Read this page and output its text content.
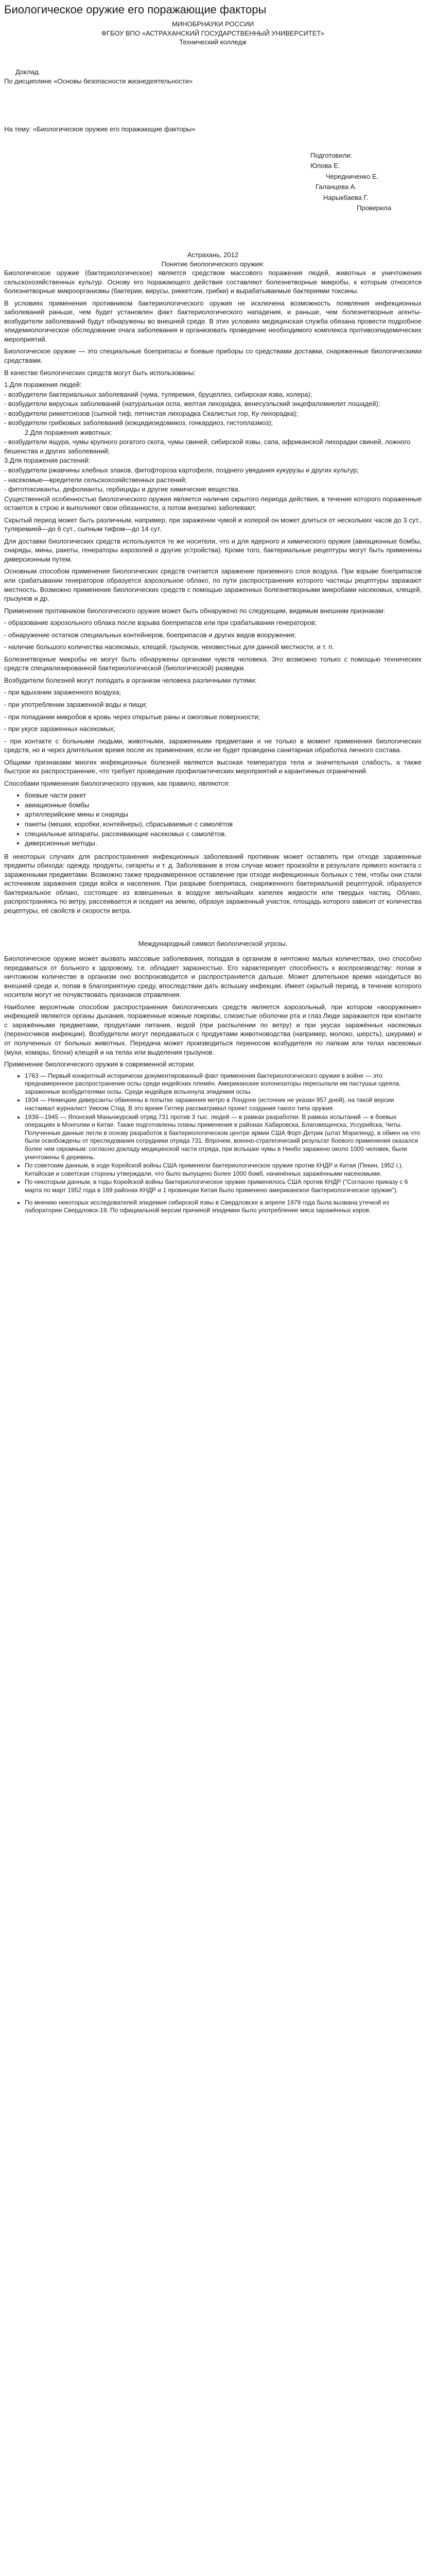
Биологическое оружие его поражающие факторы
МИНОБРНАУКИ РОССИИ
ФГБОУ ВПО «АСТРАХАНСКИЙ ГОСУДАРСТВЕННЫЙ УНИВЕРСИТЕТ»
Технический колледж
Доклад.

По дисциплине «Основы безопасности жизнедеятельности»

На тему: «Биологическое оружие его поражающие факторы»

Подготовили:
Юлова Е.
Чередниченко Е.
Галанцева А.
Нарыкбаева Г.
Проверила
Астрахань, 2012
Понятие биологического оружия:

Биологическое оружие (бактериологическое) является средством массового поражения людей, животных и уничтожения сельскохозяйственных культур. Основу его поражающего действия составляют болезнетворные микробы, к которым относятся болезнетворные микроорганизмы (бактерии, вирусы, риккетсии, грибки) и вырабатываемые бактериями токсины.

В условиях применения противником бактериологического оружия не исключена возможность появления инфекционных заболеваний раньше, чем будет установлен факт бактериологического нападения, и раньше, чем болезнетворные агенты-возбудители заболеваний будут обнаружены во внешней среде. В этих условиях медицинская служба обязана провести подробное эпидемиологическое обследование очага заболевания и организовать проведение необходимого комплекса противоэпидемических мероприятий.

Биологическое оружие — это специальные боеприпасы и боевые приборы со средствами доставки, снаряженные биологическими средствами.

В качестве биологических средств могут быть использованы:

1.Для поражения людей:
- возбудители бактериальных заболеваний (чума, туляремия, бруцеллез, сибирская язва, холера);
- возбудители вирусных заболеваний (натуральная оспа, желтая лихорадка, венесуэльский энцефаломиелит лошадей);
- возбудители риккетсиозов (сыпной тиф, пятнистая лихорадка Скалистых гор, Ку-лихорадка);
- возбудители грибковых заболеваний (кокцидиоидомикоз, гонкардиоз, гистоплазмоз);
2.Для поражения животных:
- возбудители ящура, чумы крупного рогатого скота, чумы свиней, сибирской язвы, сапа, африканской лихорадки свиней, ложного бешенства и других заболеваний;
3.Для поражения растений:
- возбудители ржавчины хлебных злаков, фитофтороза картофеля, позднего увядания кукурузы и других культур;
- насекомые—вредители сельскохозяйственных растений;
- фитотоксиканты, дефолианты, гербициды и другие химические вещества.

Существенной особенностью биологического оружия является наличие скрытого периода действия, в течение которого пораженные остаются в строю и выполняют свои обязанности, а потом внезапно заболевают.

Скрытый период может быть различным, например, при заражении чумой и холерой он может длиться от нескольких часов до 3 сут., туляремией—до 6 сут., сыпным тифом—до 14 сут.

Для доставки биологических средств используются те же носители, что и для ядерного и химического оружия (авиационные бомбы, снаряды, мины, ракеты, генераторы аэрозолей и другие устройства). Кроме того, бактериальные рецептуры могут быть применены диверсионным путем.

Основным способом применения биологических средств считается заражение приземного слоя воздуха. При взрыве боеприпасов или срабатывании генераторов образуется аэрозольное облако, по пути распространения которого частицы рецептуры заражают местность. Возможно применение биологических средств с помощью зараженных болезнетворными микробами насекомых, клещей, грызунов и др.

Применение противником биологического оружия может быть обнаружено по следующим, видимым внешним признакам:

- образование аэрозольного облака после взрыва боеприпасов или при срабатывании генераторов;

- обнаружение остатков специальных контейнеров, боеприпасов и других видов вооружения;

- наличие большого количества насекомых, клещей, грызунов, неизвестных для данной местности, и т. п.

Болезнетворные микробы не могут быть обнаружены органами чувств человека. Это возможно только с помощью технических средств специализированной бактериологической (биологической) разведки.

Возбудители болезней могут попадать в организм человека различными путями:

- при вдыхании зараженного воздуха;

- при употреблении зараженной воды и пищи;

- при попадании микробов в кровь через открытые раны и ожоговые поверхности;

- при укусе зараженных насекомых;

- при контакте с больными людьми, животными, зараженными предметами и не только в момент применения биологических средств, но и через длительное время после их применения, если не будет проведена санитарная обработка личного состава.

Общими признаками многих инфекционных болезней являются высокая температура тела и значительная слабость, а также быстрое их распространение, что требует проведения профилактических мероприятий и карантинных ограничений.

Способами применения биологического оружия, как правило, являются:

• боевые части ракет
• авиационные бомбы
• артиллерийские мины и снаряды
• пакеты (мешки, коробки, контейнеры), сбрасываемые с самолётов
• специальные аппараты, рассеивающие насекомых с самолётов.
• диверсионные методы.

В некоторых случаях для распространения инфекционных заболеваний противник может оставлять при отходе зараженные предметы обихода: одежду, продукты, сигареты и т. д. Заболевание в этом случае может произойти в результате прямого контакта с зараженными предметами. Возможно также преднамеренное оставление при отходе инфекционных больных с тем, чтобы они стали источником заражения среди войск и населения. При разрыве боеприпаса, снаряженного бактериальной рецептурой, образуется бактериальное облако, состоящее из взвешенных в воздухе мельчайших капелек жидкости или твердых частиц. Облако, распространяясь по ветру, рассеивается и оседает на землю, образуя зараженный участок, площадь которого зависит от количества рецептуры, её свойств и скорости ветра.

Международный символ биологической угрозы.

Биологическое оружие может вызвать массовые заболевания, попадая в организм в ничтожно малых количествах, оно способно передаваться от больного к здоровому, т.е. обладает заразностью. Его характеризует способность к воспроизводству: попав в ничтожном количестве в организм оно воспроизводится и распространяется дальше. Может длительное время находиться во внешней среде и, попав в благоприятную среду, впоследствии дать вспышку инфекции. Имеет скрытый период, в течение которого носители могут не почувствовать признаков отравления.

Наиболее вероятным способом распространения биологических средств является аэрозольный, при котором «вооружение» инфекцией являются органы дыхания, пораженные кожные покровы, слизистые оболочки рта и глаз.Люди заражаются при контакте с заражёнными предметами, продуктами питания, водой (при распылении по ветру) и при укусах заражённых насекомых (переносчиков инфекции). Возбудители могут передаваться с продуктами животноводства (например, молоко, шерсть), шкурами) и от полученных от больных животных. Передача может производиться переносом возбудителя по лапкам или телах насекомых (мухи, комары, блохи) клещей и на телах или выделения грызунов.

Применение биологического оружия в современной истории.

• 1763 — Первый конкретный исторически документированный факт применения бактериологического оружия в войне — это преднамеренное распространение оспы среди индейских племён. Американские колонизаторы пересылали им пастушьи одеяла, зараженные возбудителями оспы. Среди индейцев вспыхнула эпидемия оспы.
• 1934 — Немецкие диверсанты обвинены в попытке заражения метро в Лондоне (источник не указан 957 дней), на такой версии настаивал журналист Уикхэм Стид. В это время Гитлер рассматривал проект создания такого типа оружия.
• 1939—1945 — Японский Маньчжурский отряд 731 против 3 тыс. людей — в рамках разработки. В рамках испытаний — в боевых операциях в Монголии и Китае. Также подготовлены планы применения в районах Хабаровска, Благовещенска, Уссурийска, Читы. Полученные данные легли в основу разработок в бактериологическом центре армии США Форт-Детрик (штат Мэриленд), в обмен на что были освобождены от преследования сотрудники отряда 731. Впрочем, военно-стратегический результат боевого применения оказался более чем скромным: согласно докладу медицинской части отряда, при вспышке чумы в Нинбо заражено около 1000 человек, были уничтожены 6 деревень.
• По советским данным, в ходе Корейской войны США применяли бактериологическое оружие против КНДР и Китая (Пекин, 1952 г.). Китайская и советская стороны утверждали, что было выпущено более 1000 бомб, начинённых заражёнными насекомыми.
• По некоторым данным, в годы Корейской войны бактериологическое оружие применялось США против КНДР ("Согласно приказу с 6 марта по март 1952 года в 169 районах КНДР и 1 провинции Китая было применено американское бактериологическое оружие").
• По мнению некоторых исследователей эпидемия сибирской язвы в Свердловске в апреле 1979 года была вызвана утечкой из лаборатории Свердловск-19. По официальной версии причиной эпидемии было употребление мяса заражённых коров.
